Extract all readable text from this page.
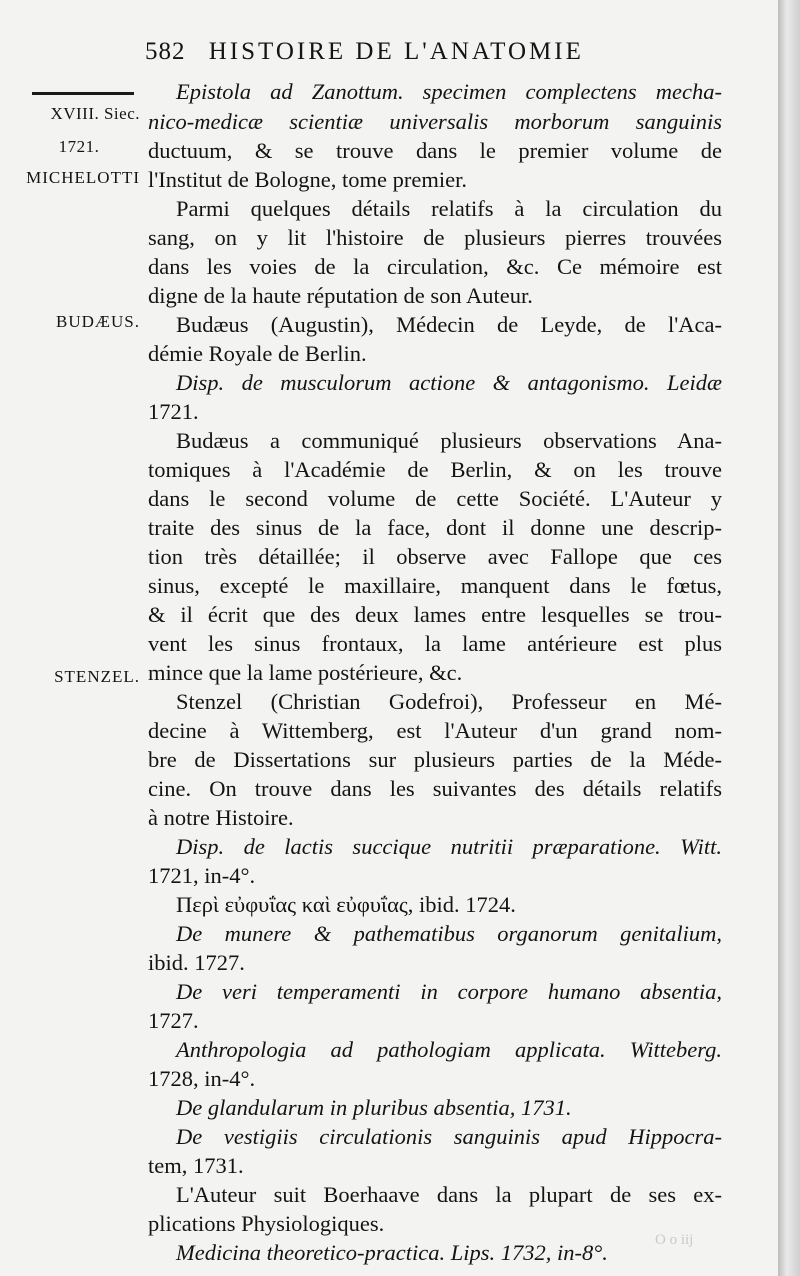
582 HISTOIRE DE L'ANATOMIE
XVIII. Siec.
1721.
MICHELOTTI
BUDÆUS.
STENZEL.
Epistola ad Zanottum. specimen complectens mecha-
nico-medicæ scientiæ universalis morborum sanguinis
ductuum, & se trouve dans le premier volume de
l'Institut de Bologne, tome premier.
Parmi quelques détails relatifs à la circulation du
sang, on y lit l'histoire de plusieurs pierres trouvées
dans les voies de la circulation, &c. Ce mémoire est
digne de la haute réputation de son Auteur.
Budæus (Augustin), Médecin de Leyde, de l'Aca-
démie Royale de Berlin.
Disp. de musculorum actione & antagonismo. Leidæ
1721.
Budæus a communiqué plusieurs observations Ana-
tomiques à l'Académie de Berlin, & on les trouve
dans le second volume de cette Société. L'Auteur y
traite des sinus de la face, dont il donne une descrip-
tion très détaillée; il observe avec Fallope que ces
sinus, excepté le maxillaire, manquent dans le fœtus,
& il écrit que des deux lames entre lesquelles se trou-
vent les sinus frontaux, la lame antérieure est plus
mince que la lame postérieure, &c.
Stenzel (Christian Godefroi), Professeur en Mé-
decine à Wittemberg, est l'Auteur d'un grand nom-
bre de Dissertations sur plusieurs parties de la Méde-
cine. On trouve dans les suivantes des détails relatifs
à notre Histoire.
Disp. de lactis succique nutritii præparatione. Witt.
1721, in-4°.
Περὶ εὐφυΐας καὶ εὐφυΐας, ibid. 1724.
De munere & pathematibus organorum genitalium,
ibid. 1727.
De veri temperamenti in corpore humano absentia,
1727.
Anthropologia ad pathologiam applicata. Witteberg.
1728, in-4°.
De glandularum in pluribus absentia, 1731.
De vestigiis circulationis sanguinis apud Hippocra-
tem, 1731.
L'Auteur suit Boerhaave dans la plupart de ses ex-
plications Physiologiques.
Medicina theoretico-practica. Lips. 1732, in-8°.	O o iij
